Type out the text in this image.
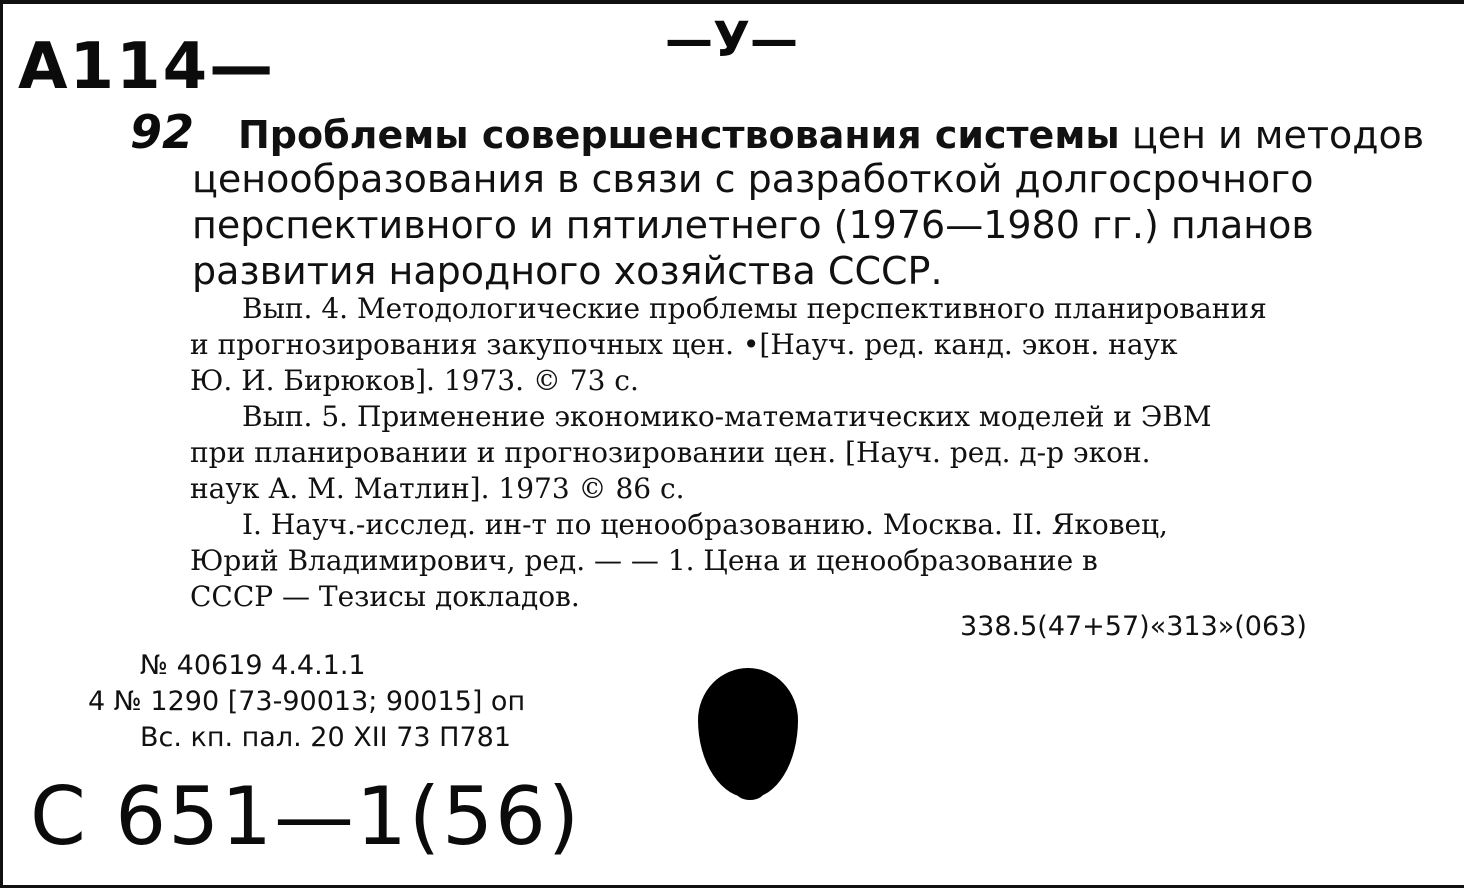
А114—	—У—
92
С 651—1(56)
Проблемы совершенствования системы цен и методов
ценообразования в связи с разработкой долгосрочного
перспективного и пятилетнего (1976—1980 гг.) планов
развития народного хозяйства СССР.
Вып. 4. Методологические проблемы перспективного планирования
и прогнозирования закупочных цен. •[Науч. ред. канд. экон. наук
Ю. И. Бирюков]. 1973. © 73 с.
Вып. 5. Применение экономико-математических моделей и ЭВМ
при планировании и прогнозировании цен. [Науч. ред. д-р экон.
наук А. М. Матлин]. 1973 © 86 с.
I. Науч.-исслед. ин-т по ценообразованию. Москва. II. Яковец,
Юрий Владимирович, ред. — — 1. Цена и ценообразование в
СССР — Тезисы докладов.
338.5(47+57)«313»(063)
№ 40619 4.4.1.1
4 № 1290 [73-90013; 90015] оп
Вс. кп. пал. 20 XII 73 П781
